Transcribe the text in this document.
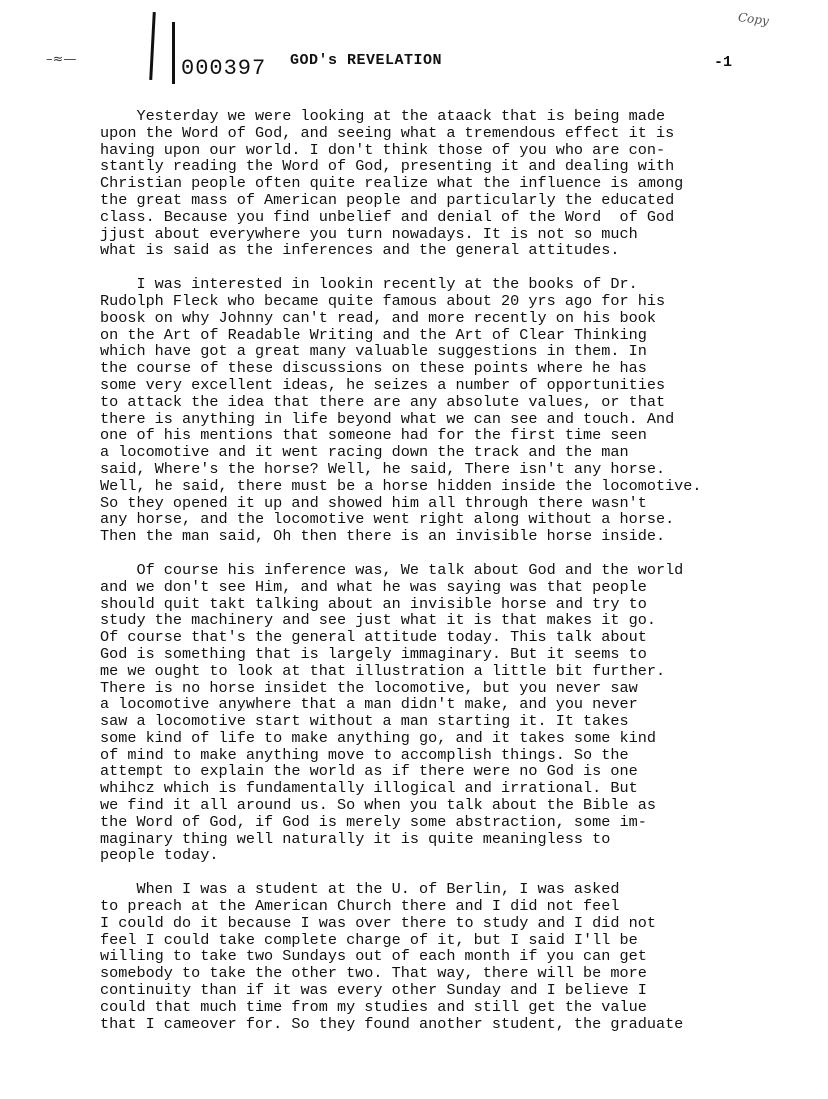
–≈—
Copy
000397 GOD's REVELATION	-1
Yesterday we were looking at the ataack that is being made
upon the Word of God, and seeing what a tremendous effect it is
having upon our world. I don't think those of you who are con-
stantly reading the Word of God, presenting it and dealing with
Christian people often quite realize what the influence is among
the great mass of American people and particularly the educated
class. Because you find unbelief and denial of the Word  of God
jjust about everywhere you turn nowadays. It is not so much
what is said as the inferences and the general attitudes.
I was interested in lookin recently at the books of Dr.
Rudolph Fleck who became quite famous about 20 yrs ago for his
boosk on why Johnny can't read, and more recently on his book
on the Art of Readable Writing and the Art of Clear Thinking
which have got a great many valuable suggestions in them. In
the course of these discussions on these points where he has
some very excellent ideas, he seizes a number of opportunities
to attack the idea that there are any absolute values, or that
there is anything in life beyond what we can see and touch. And
one of his mentions that someone had for the first time seen
a locomotive and it went racing down the track and the man
said, Where's the horse? Well, he said, There isn't any horse.
Well, he said, there must be a horse hidden inside the locomotive.
So they opened it up and showed him all through there wasn't
any horse, and the locomotive went right along without a horse.
Then the man said, Oh then there is an invisible horse inside.
Of course his inference was, We talk about God and the world
and we don't see Him, and what he was saying was that people
should quit takt talking about an invisible horse and try to
study the machinery and see just what it is that makes it go.
Of course that's the general attitude today. This talk about
God is something that is largely immaginary. But it seems to
me we ought to look at that illustration a little bit further.
There is no horse insidet the locomotive, but you never saw
a locomotive anywhere that a man didn't make, and you never
saw a locomotive start without a man starting it. It takes
some kind of life to make anything go, and it takes some kind
of mind to make anything move to accomplish things. So the
attempt to explain the world as if there were no God is one
whihcz which is fundamentally illogical and irrational. But
we find it all around us. So when you talk about the Bible as
the Word of God, if God is merely some abstraction, some im-
maginary thing well naturally it is quite meaningless to
people today.
When I was a student at the U. of Berlin, I was asked
to preach at the American Church there and I did not feel
I could do it because I was over there to study and I did not
feel I could take complete charge of it, but I said I'll be
willing to take two Sundays out of each month if you can get
somebody to take the other two. That way, there will be more
continuity than if it was every other Sunday and I believe I
could that much time from my studies and still get the value
that I cameover for. So they found another student, the graduate
